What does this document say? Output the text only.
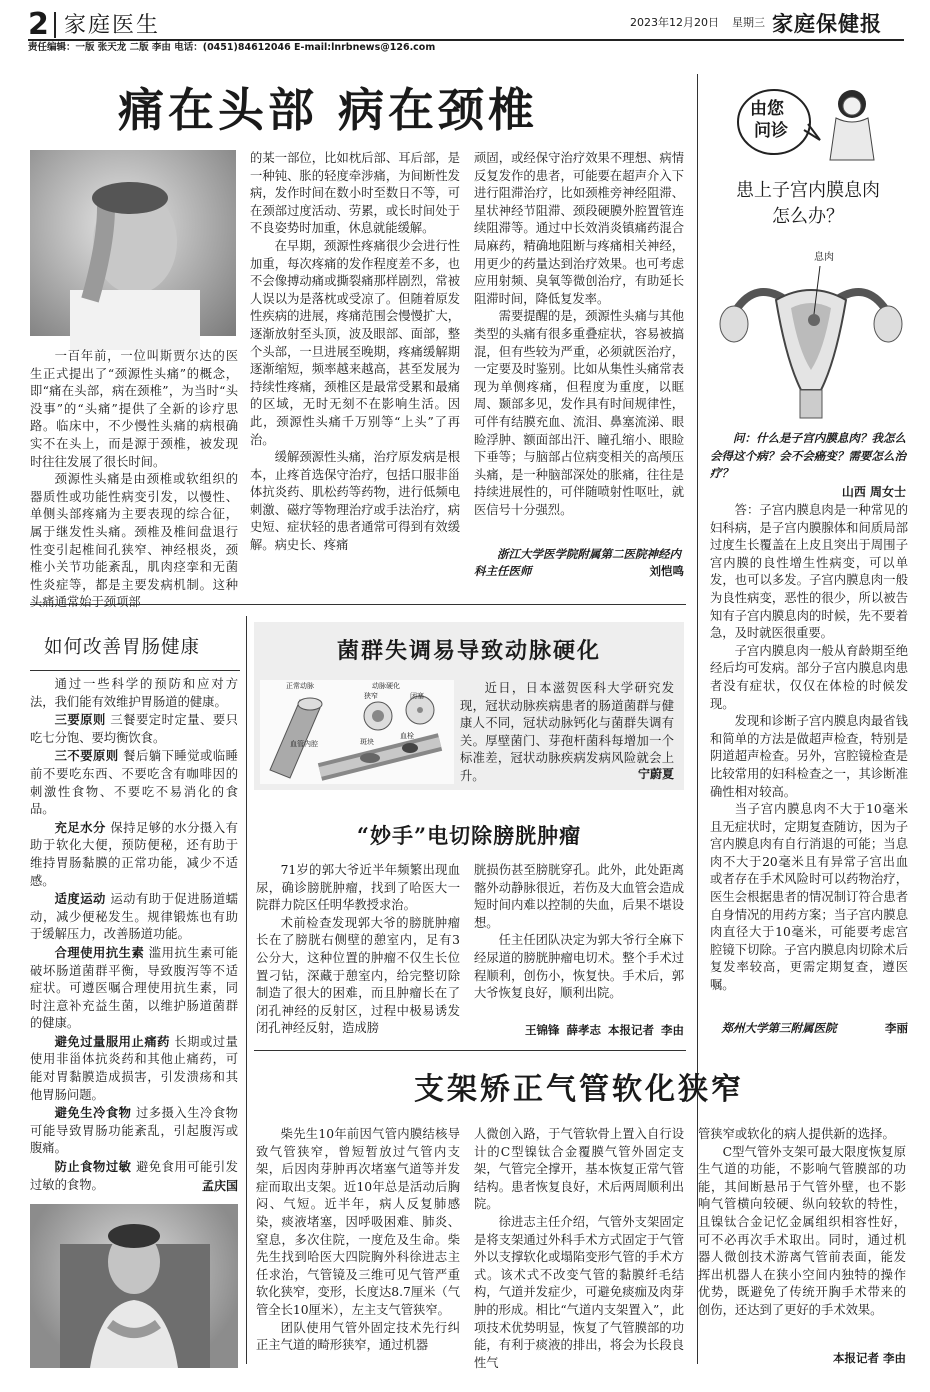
2 家庭医生	2023年12月20日 星期三 家庭保健报
责任编辑：一版 张天龙 二版 李由 电话：(0451)84612046 E-mail:lnrbnews@126.com
痛在头部 病在颈椎

一百年前，一位叫斯贾尔达的医生正式提出了“颈源性头痛”的概念，即“痛在头部，病在颈椎”，为当时“头没事”的“头痛”提供了全新的诊疗思路。临床中，不少慢性头痛的病根确实不在头上，而是源于颈椎，被发现时往往发展了很长时间。

颈源性头痛是由颈椎或软组织的器质性或功能性病变引发，以慢性、单侧头部疼痛为主要表现的综合征，属于继发性头痛。颈椎及椎间盘退行性变引起椎间孔狭窄、神经根炎，颈椎小关节功能紊乱，肌肉痉挛和无菌性炎症等，都是主要发病机制。这种头痛通常始于颈项部

的某一部位，比如枕后部、耳后部，是一种钝、胀的轻度牵涉痛，为间断性发病，发作时间在数小时至数日不等，可在颈部过度活动、劳累，或长时间处于不良姿势时加重，休息就能缓解。

在早期，颈源性疼痛很少会进行性加重，每次疼痛的发作程度差不多，也不会像搏动痛或撕裂痛那样剧烈，常被人误以为是落枕或受凉了。但随着原发性疾病的进展，疼痛范围会慢慢扩大，逐渐放射至头顶，波及眼部、面部，整个头部，一旦进展至晚期，疼痛缓解期逐渐缩短，频率越来越高，甚至发展为持续性疼痛，颈椎区是最常受累和最痛的区域，无时无刻不在影响生活。因此，颈源性头痛千万别等“上头”了再治。

缓解颈源性头痛，治疗原发病是根本，止疼首选保守治疗，包括口服非甾体抗炎药、肌松药等药物，进行低频电刺激、磁疗等物理治疗或手法治疗，病史短、症状轻的患者通常可得到有效缓解。病史长、疼痛

顽固，或经保守治疗效果不理想、病情反复发作的患者，可能要在超声介入下进行阻滞治疗，比如颈椎旁神经阻滞、星状神经节阻滞、颈段硬膜外腔置管连续阻滞等。通过中长效消炎镇痛药混合局麻药，精确地阻断与疼痛相关神经，用更少的药量达到治疗效果。也可考虑应用射频、臭氧等微创治疗，有助延长阻滞时间，降低复发率。

需要提醒的是，颈源性头痛与其他类型的头痛有很多重叠症状，容易被搞混，但有些较为严重，必须就医治疗，一定要及时鉴别。比如从集性头痛常表现为单侧疼痛，但程度为重度，以眶周、颞部多见，发作具有时间规律性，可伴有结膜充血、流泪、鼻塞流涕、眼睑浮肿、额面部出汗、瞳孔缩小、眼睑下垂等；与脑部占位病变相关的高颅压头痛，是一种脑部深处的胀痛，往往是持续进展性的，可伴随喷射性呕吐，就医信号十分强烈。

浙江大学医学院附属第二医院神经内科主任医师	刘恺鸣
由您
问诊
患上子宫内膜息肉
怎么办？
息肉
问：什么是子宫内膜息肉？我怎么会得这个病？会不会癌变？需要怎么治疗？
山西 周女士

答：子宫内膜息肉是一种常见的妇科病，是子宫内膜腺体和间质局部过度生长覆盖在上皮且突出于周围子宫内膜的良性增生性病变，可以单发，也可以多发。子宫内膜息肉一般为良性病变，恶性的很少，所以被告知有子宫内膜息肉的时候，先不要着急，及时就医很重要。

子宫内膜息肉一般从育龄期至绝经后均可发病。部分子宫内膜息肉患者没有症状，仅仅在体检的时候发现。

发现和诊断子宫内膜息肉最省钱和简单的方法是做超声检查，特别是阴道超声检查。另外，宫腔镜检查是比较常用的妇科检查之一，其诊断准确性相对较高。

当子宫内膜息肉不大于10毫米且无症状时，定期复查随访，因为子宫内膜息肉有自行消退的可能；当息肉不大于20毫米且有异常子宫出血或者存在手术风险时可以药物治疗，医生会根据患者的情况制订符合患者自身情况的用药方案；当子宫内膜息肉直径大于10毫米，可能要考虑宫腔镜下切除。子宫内膜息肉切除术后复发率较高，更需定期复查，遵医嘱。

郑州大学第三附属医院	李丽
如何改善胃肠健康

通过一些科学的预防和应对方法，我们能有效维护胃肠道的健康。

三要原则 三餐要定时定量、要只吃七分饱、要均衡饮食。

三不要原则 餐后躺下睡觉或临睡前不要吃东西、不要吃含有咖啡因的刺激性食物、不要吃不易消化的食品。

充足水分 保持足够的水分摄入有助于软化大便，预防便秘，还有助于维持胃肠黏膜的正常功能，减少不适感。

适度运动 运动有助于促进肠道蠕动，减少便秘发生。规律锻炼也有助于缓解压力，改善肠道功能。

合理使用抗生素 滥用抗生素可能破坏肠道菌群平衡，导致腹泻等不适症状。可遵医嘱合理使用抗生素，同时注意补充益生菌，以维护肠道菌群的健康。

避免过量服用止痛药 长期或过量使用非甾体抗炎药和其他止痛药，可能对胃黏膜造成损害，引发溃疡和其他胃肠问题。

避免生冷食物 过多摄入生冷食物可能导致胃肠功能紊乱，引起腹泻或腹痛。

防止食物过敏 避免食用可能引发过敏的食物。	孟庆国
菌群失调易导致动脉硬化
正常动脉	动脉硬化
狭窄	闭塞
血管内腔	斑块
血栓

近日，日本滋贺医科大学研究发现，冠状动脉疾病患者的肠道菌群与健康人不同，冠状动脉钙化与菌群失调有关。厚壁菌门、芽孢杆菌科每增加一个标准差，冠状动脉疾病发病风险就会上升。	宁蔚夏
“妙手”电切除膀胱肿瘤

71岁的郭大爷近半年频繁出现血尿，确诊膀胱肿瘤，找到了哈医大一院群力院区任明华教授求治。

术前检查发现郭大爷的膀胱肿瘤长在了膀胱右侧壁的憩室内，足有3公分大，这种位置的肿瘤不仅生长位置刁钻，深藏于憩室内，给完整切除制造了很大的困难，而且肿瘤长在了闭孔神经的反射区，过程中极易诱发闭孔神经反射，造成膀

胱损伤甚至膀胱穿孔。此外，此处距离髂外动静脉很近，若伤及大血管会造成短时间内难以控制的失血，后果不堪设想。

任主任团队决定为郭大爷行全麻下经尿道的膀胱肿瘤电切术。整个手术过程顺利，创伤小，恢复快。手术后，郭大爷恢复良好，顺利出院。

王锦锋 薛孝志 本报记者 李由
支架矫正气管软化狭窄

柴先生10年前因气管内膜结核导致气管狭窄，曾短暂放过气管内支架，后因肉芽肿再次堵塞气道等并发症而取出支架。近10年总是活动后胸闷、气短。近半年，病人反复肺感染，痰液堵塞，因呼吸困难、肺炎、窒息，多次住院，一度危及生命。柴先生找到哈医大四院胸外科徐进志主任求治，气管镜及三维可见气管严重软化狭窄，变形，长度达8.7厘米（气管全长10厘米），左主支气管狭窄。

团队使用气管外固定技术先行纠正主气道的畸形狭窄，通过机器

人微创入路，于气管软骨上置入自行设计的C型镍钛合金覆膜气管外固定支架，气管完全撑开，基本恢复正常气管结构。患者恢复良好，术后两周顺利出院。

徐进志主任介绍，气管外支架固定是将支架通过外科手术方式固定于气管外以支撑软化或塌陷变形气管的手术方式。该术式不改变气管的黏膜纤毛结构，气道并发症少，可避免痰痂及肉芽肿的形成。相比“气道内支架置入”，此项技术优势明显，恢复了气管膜部的功能，有利于痰液的排出，将会为长段良性气

管狭窄或软化的病人提供新的选择。

C型气管外支架可最大限度恢复原生气道的功能，不影响气管膜部的功能，其间断悬吊于气管外壁，也不影响气管横向较硬、纵向较软的特性，且镍钛合金记忆金属组织相容性好，可不必再次手术取出。同时，通过机器人微创技术游离气管前表面，能发挥出机器人在狭小空间内独特的操作优势，既避免了传统开胸手术带来的创伤，还达到了更好的手术效果。

本报记者 李由
